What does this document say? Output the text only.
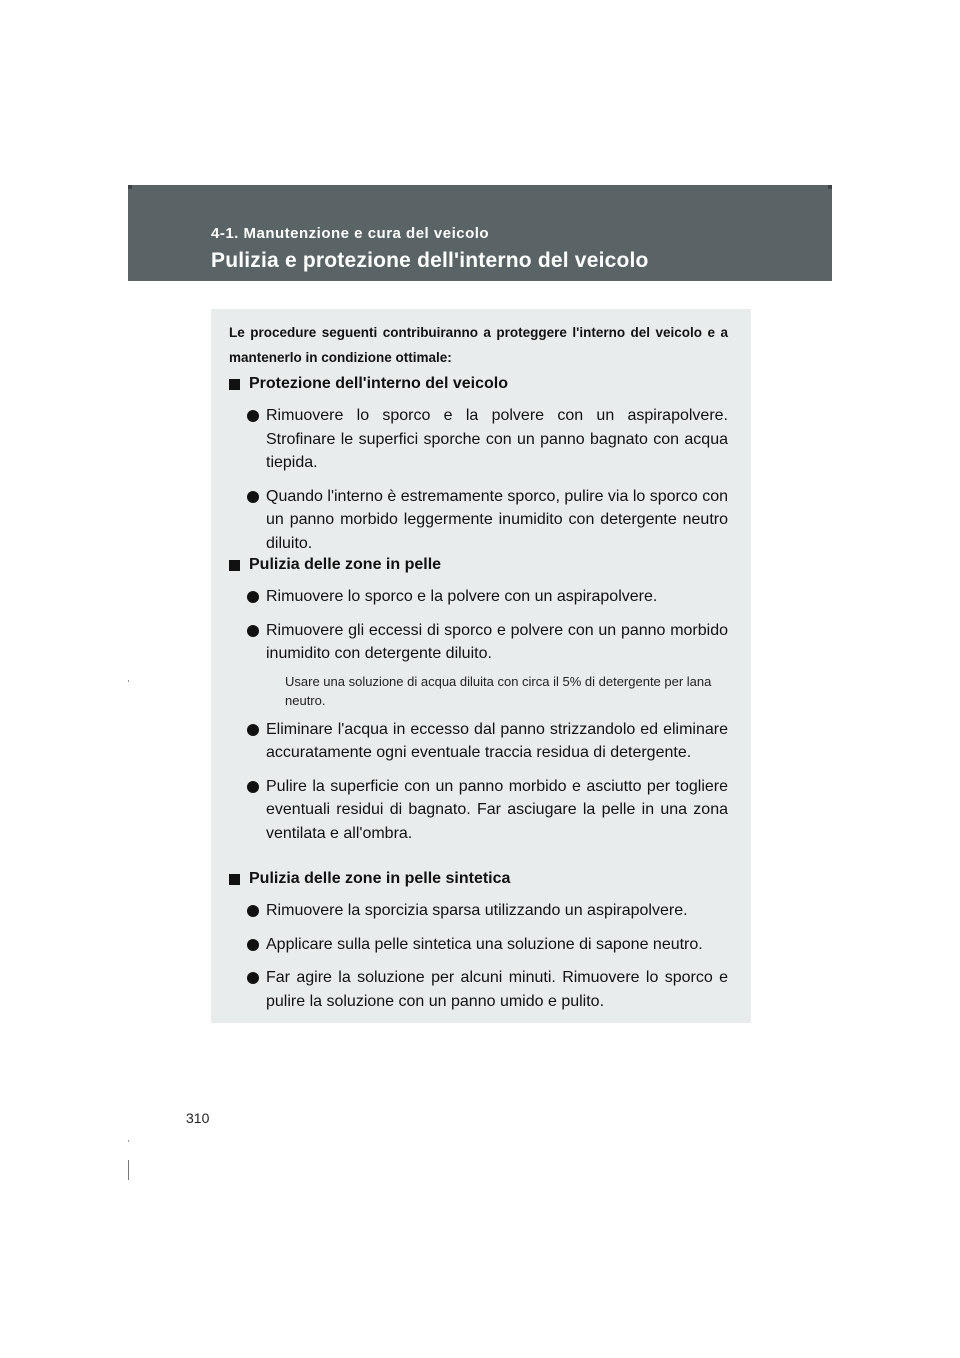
4-1. Manutenzione e cura del veicolo
Pulizia e protezione dell'interno del veicolo

Le procedure seguenti contribuiranno a proteggere l'interno del veicolo e a mantenerlo in condizione ottimale:

Protezione dell'interno del veicolo
Rimuovere lo sporco e la polvere con un aspirapolvere. Strofinare le superfici sporche con un panno bagnato con acqua tiepida.
Quando l'interno è estremamente sporco, pulire via lo sporco con un panno morbido leggermente inumidito con detergente neutro diluito.
Pulizia delle zone in pelle
Rimuovere lo sporco e la polvere con un aspirapolvere.
Rimuovere gli eccessi di sporco e polvere con un panno morbido inumidito con detergente diluito.
Usare una soluzione di acqua diluita con circa il 5% di detergente per lana neutro.
Eliminare l'acqua in eccesso dal panno strizzandolo ed eliminare accuratamente ogni eventuale traccia residua di detergente.
Pulire la superficie con un panno morbido e asciutto per togliere eventuali residui di bagnato. Far asciugare la pelle in una zona ventilata e all'ombra.
Pulizia delle zone in pelle sintetica
Rimuovere la sporcizia sparsa utilizzando un aspirapolvere.
Applicare sulla pelle sintetica una soluzione di sapone neutro.
Far agire la soluzione per alcuni minuti. Rimuovere lo sporco e pulire la soluzione con un panno umido e pulito.
310
